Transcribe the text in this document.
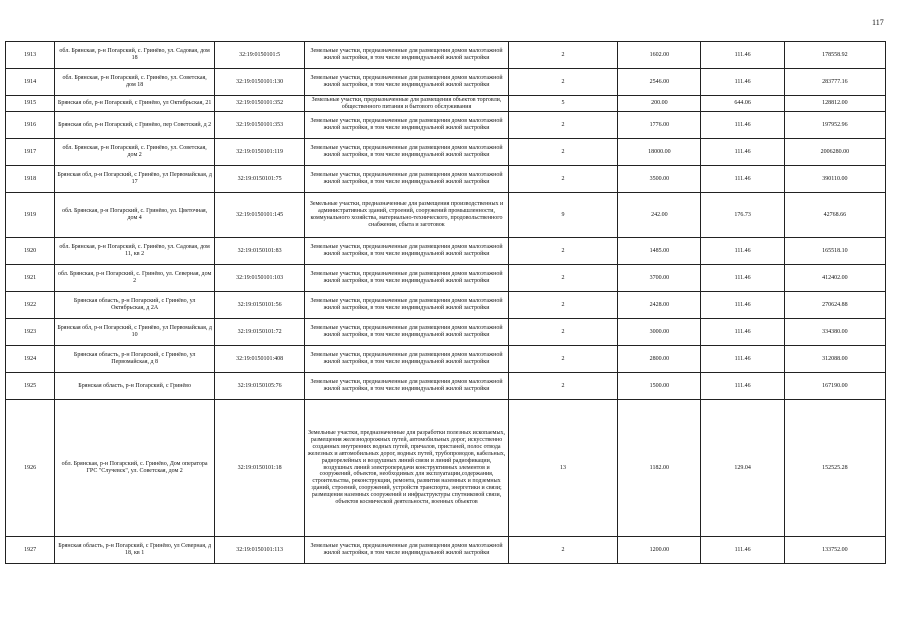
117
1913	обл. Брянская, р-н Погарский, с. Гринёво, ул. Садовая, дом 18	32:19:0150101:5	Земельные участки, предназначенные для размещения домов малоэтажной жилой застройки, в том числе индивидуальной жилой застройки	2	1602.00	111.46	178558.92
1914	обл. Брянская, р-н Погарский, с. Гринёво, ул. Советская, дом 18	32:19:0150101:130	Земельные участки, предназначенные для размещения домов малоэтажной жилой застройки, в том числе индивидуальной жилой застройки	2	2546.00	111.46	283777.16
1915	Брянская обл, р-н Погарский, с Гринёво, ул Октябрьская, 21	32:19:0150101:352	Земельные участки, предназначенные для размещения объектов торговли, общественного питания и бытового обслуживания	5	200.00	644.06	128812.00
1916	Брянская обл, р-н Погарский, с Гринёво, пер Советский, д 2	32:19:0150101:353	Земельные участки, предназначенные для размещения домов малоэтажной жилой застройки, в том числе индивидуальной жилой застройки	2	1776.00	111.46	197952.96
1917	обл. Брянская, р-н Погарский, с. Гринёво, ул. Советская, дом 2	32:19:0150101:119	Земельные участки, предназначенные для размещения домов малоэтажной жилой застройки, в том числе индивидуальной жилой застройки	2	18000.00	111.46	2006280.00
1918	Брянская обл, р-н Погарский, с Гринёво, ул Первомайская, д 17	32:19:0150101:75	Земельные участки, предназначенные для размещения домов малоэтажной жилой застройки, в том числе индивидуальной жилой застройки	2	3500.00	111.46	390110.00
1919	обл. Брянская, р-н Погарский, с. Гринёво, ул. Цветочная, дом 4	32:19:0150101:145	Земельные участки, предназначенные для размещения производственных и административных зданий, строений, сооружений промышленности, коммунального хозяйства, материально-технического, продовольственного снабжения, сбыта и заготовок	9	242.00	176.73	42768.66
1920	обл. Брянская, р-н Погарский, с. Гринёво, ул. Садовая, дом 11, кв 2	32:19:0150101:83	Земельные участки, предназначенные для размещения домов малоэтажной жилой застройки, в том числе индивидуальной жилой застройки	2	1485.00	111.46	165518.10
1921	обл. Брянская, р-н Погарский, с. Гринёво, ул. Северная, дом 2	32:19:0150101:103	Земельные участки, предназначенные для размещения домов малоэтажной жилой застройки, в том числе индивидуальной жилой застройки	2	3700.00	111.46	412402.00
1922	Брянская область, р-н Погарский, с Гринёво, ул Октябрьская, д 2А	32:19:0150101:56	Земельные участки, предназначенные для размещения домов малоэтажной жилой застройки, в том числе индивидуальной жилой застройки	2	2428.00	111.46	270624.88
1923	Брянская обл, р-н Погарский, с Гринёво, ул Первомайская, д 10	32:19:0150101:72	Земельные участки, предназначенные для размещения домов малоэтажной жилой застройки, в том числе индивидуальной жилой застройки	2	3000.00	111.46	334380.00
1924	Брянская область, р-н Погарский, с Гринёво, ул Первомайская, д 8	32:19:0150101:408	Земельные участки, предназначенные для размещения домов малоэтажной жилой застройки, в том числе индивидуальной жилой застройки	2	2800.00	111.46	312088.00
1925	Брянская область, р-н Погарский, с Гринёво	32:19:0150105:76	Земельные участки, предназначенные для размещения домов малоэтажной жилой застройки, в том числе индивидуальной жилой застройки	2	1500.00	111.46	167190.00
1926	обл. Брянская, р-н Погарский, с. Гринёво, Дом оператора ГРС "Случевск", ул. Советская, дом 2	32:19:0150101:18	Земельные участки, предназначенные для разработки полезных ископаемых, размещения железнодорожных путей, автомобильных дорог, искусственно созданных внутренних водных путей, причалов, пристаней, полос отвода железных и автомобильных дорог, водных путей, трубопроводов, кабельных, радиорелейных и воздушных линий связи и линий радиофикации, воздушных линий электропередачи конструктивных элементов и сооружений, объектов, необходимых для эксплуатации,содержания, строительства, реконструкции, ремонта, развития наземных и подземных зданий, строений, сооружений, устройств транспорта, энергетики и связи; размещения наземных сооружений и инфраструктуры спутниковой связи, объектов космической деятельности, военных объектов	13	1182.00	129.04	152525.28
1927	Брянская область, р-н Погарский, с Гринёво, ул Северная, д 18, кв 1	32:19:0150101:113	Земельные участки, предназначенные для размещения домов малоэтажной жилой застройки, в том числе индивидуальной жилой застройки	2	1200.00	111.46	133752.00
